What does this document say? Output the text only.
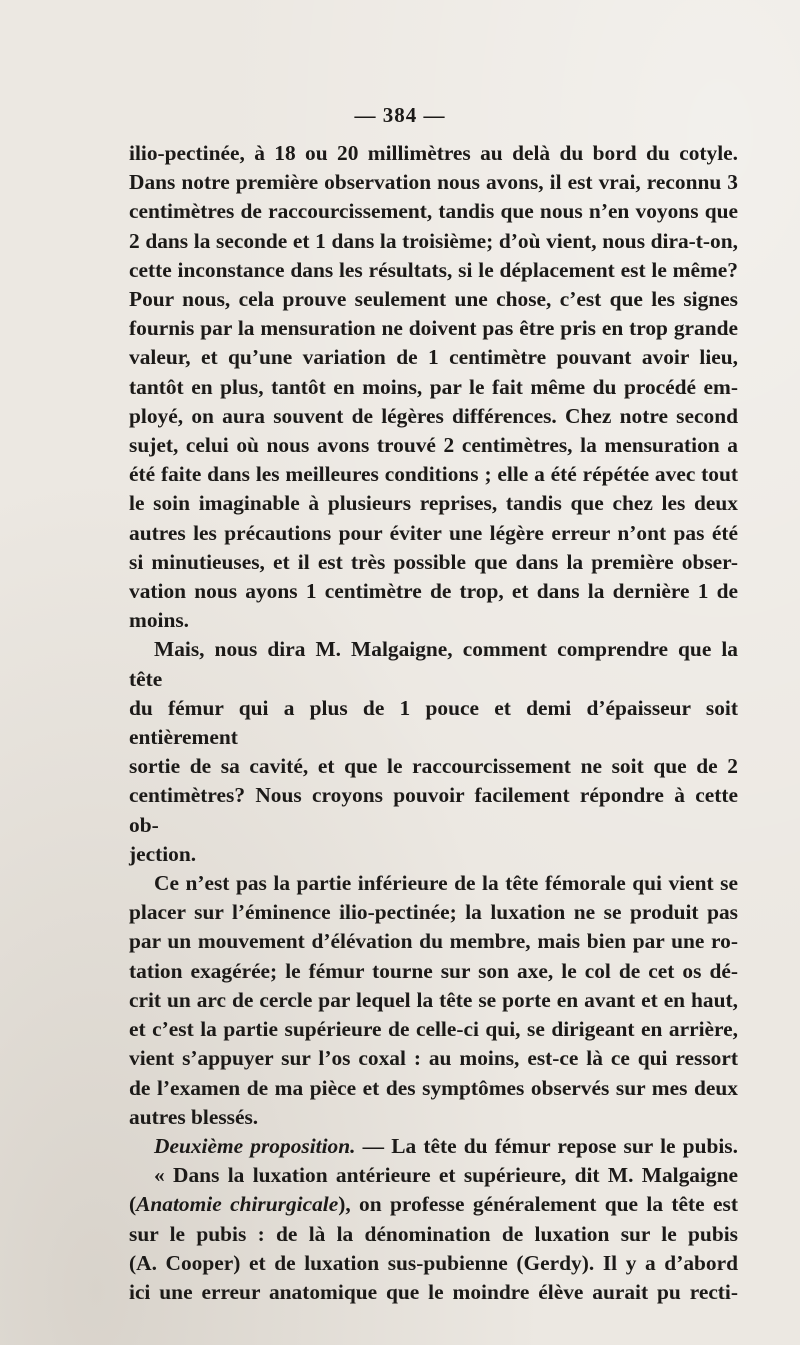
— 384 —

ilio-pectinée, à 18 ou 20 millimètres au delà du bord du cotyle.

Dans notre première observation nous avons, il est vrai, reconnu 3

centimètres de raccourcissement, tandis que nous n’en voyons que

2 dans la seconde et 1 dans la troisième; d’où vient, nous dira-t-on,

cette inconstance dans les résultats, si le déplacement est le même?

Pour nous, cela prouve seulement une chose, c’est que les signes

fournis par la mensuration ne doivent pas être pris en trop grande

valeur, et qu’une variation de 1 centimètre pouvant avoir lieu,

tantôt en plus, tantôt en moins, par le fait même du procédé em-

ployé, on aura souvent de légères différences. Chez notre second

sujet, celui où nous avons trouvé 2 centimètres, la mensuration a

été faite dans les meilleures conditions ; elle a été répétée avec tout

le soin imaginable à plusieurs reprises, tandis que chez les deux

autres les précautions pour éviter une légère erreur n’ont pas été

si minutieuses, et il est très possible que dans la première obser-

vation nous ayons 1 centimètre de trop, et dans la dernière 1 de

moins.

Mais, nous dira M. Malgaigne, comment comprendre que la tête

du fémur qui a plus de 1 pouce et demi d’épaisseur soit entièrement

sortie de sa cavité, et que le raccourcissement ne soit que de 2

centimètres? Nous croyons pouvoir facilement répondre à cette ob-

jection.

Ce n’est pas la partie inférieure de la tête fémorale qui vient se

placer sur l’éminence ilio-pectinée; la luxation ne se produit pas

par un mouvement d’élévation du membre, mais bien par une ro-

tation exagérée; le fémur tourne sur son axe, le col de cet os dé-

crit un arc de cercle par lequel la tête se porte en avant et en haut,

et c’est la partie supérieure de celle-ci qui, se dirigeant en arrière,

vient s’appuyer sur l’os coxal : au moins, est-ce là ce qui ressort

de l’examen de ma pièce et des symptômes observés sur mes deux

autres blessés.

Deuxième proposition. — La tête du fémur repose sur le pubis.

« Dans la luxation antérieure et supérieure, dit M. Malgaigne

(Anatomie chirurgicale), on professe généralement que la tête est

sur le pubis : de là la dénomination de luxation sur le pubis

(A. Cooper) et de luxation sus-pubienne (Gerdy). Il y a d’abord

ici une erreur anatomique que le moindre élève aurait pu recti-
